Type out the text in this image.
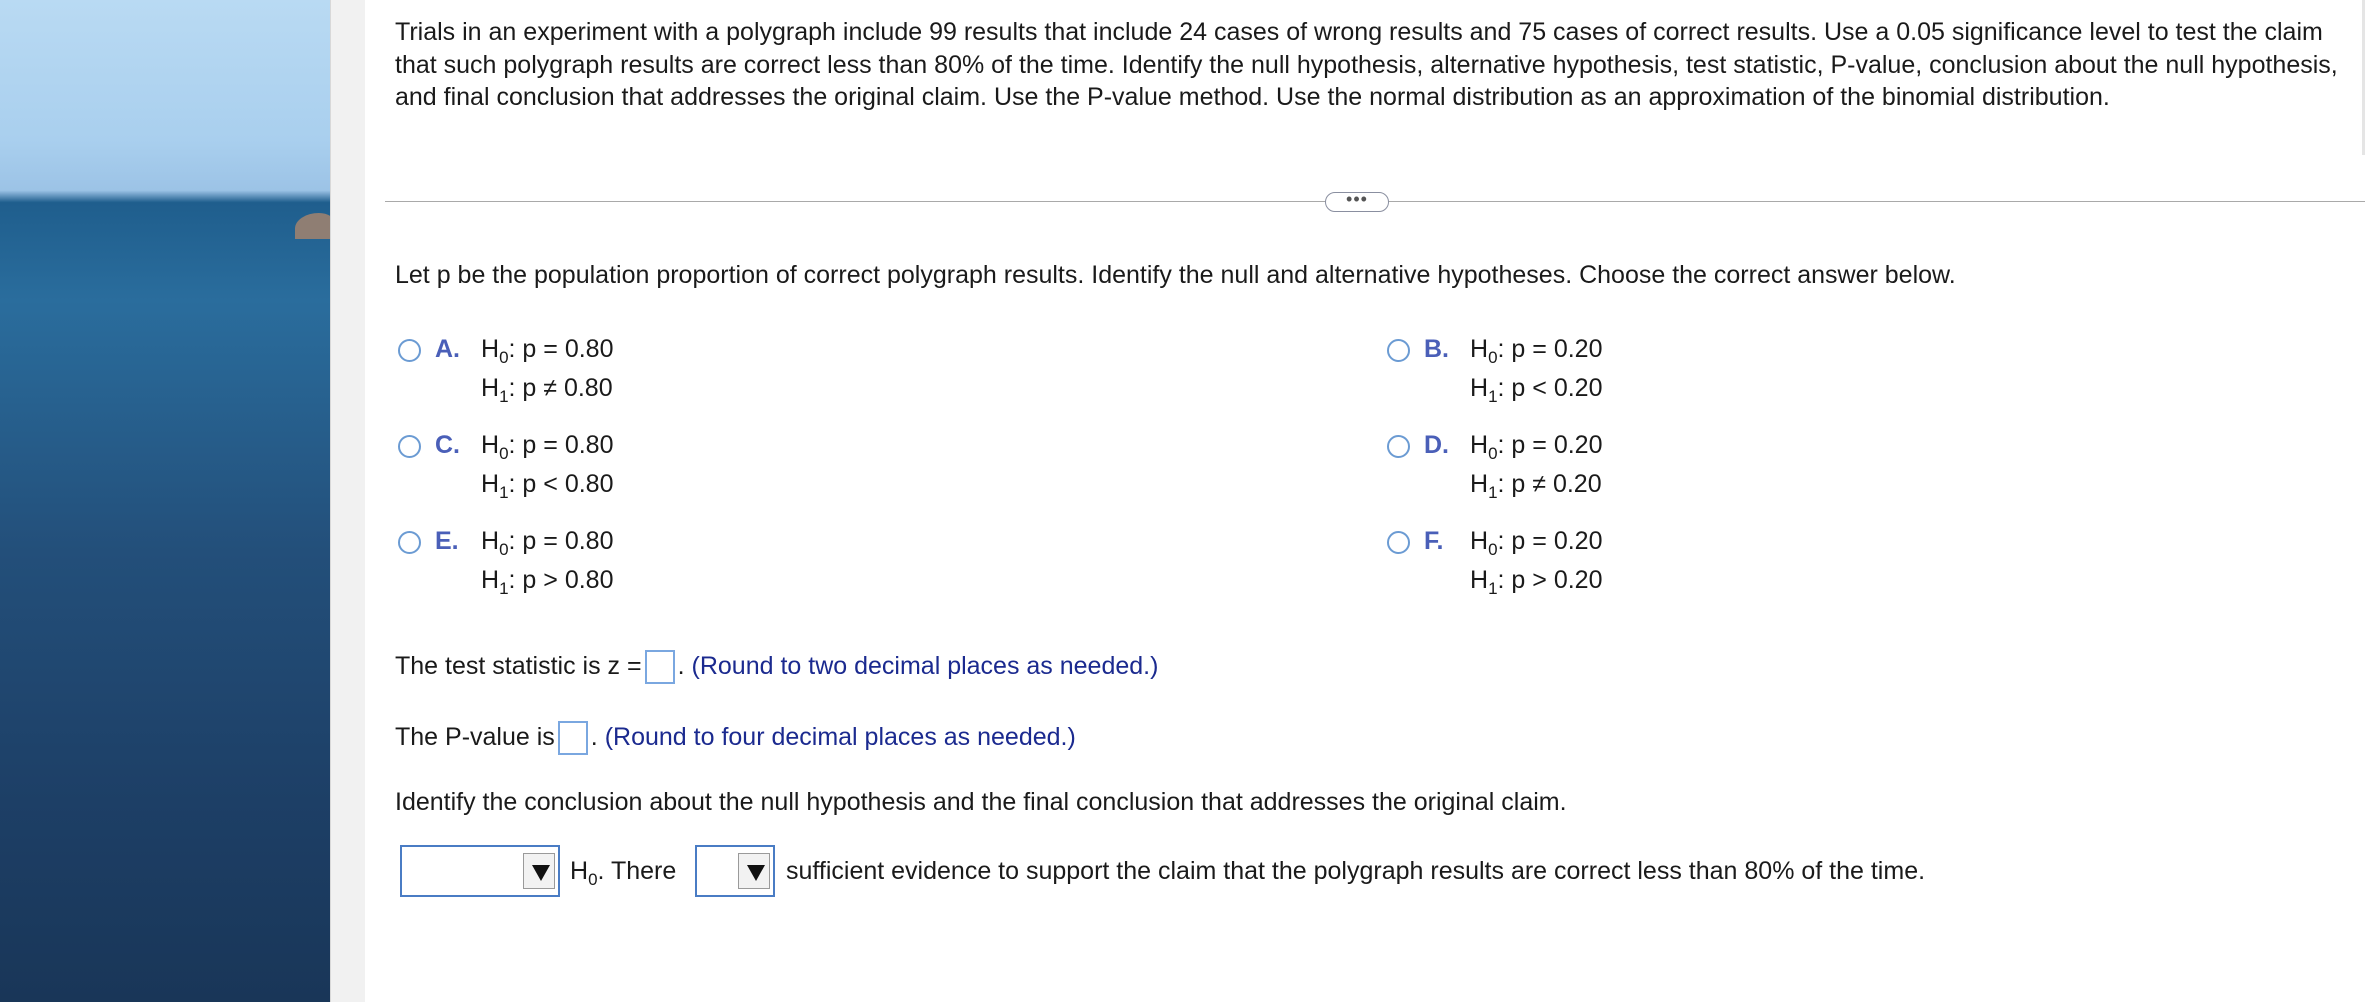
Trials in an experiment with a polygraph include 99 results that include 24 cases of wrong results and 75 cases of correct results. Use a 0.05 significance level to test the claim that such polygraph results are correct less than 80% of the time. Identify the null hypothesis, alternative hypothesis, test statistic, P-value, conclusion about the null hypothesis, and final conclusion that addresses the original claim. Use the P-value method. Use the normal distribution as an approximation of the binomial distribution.
•••
Let p be the population proportion of correct polygraph results. Identify the null and alternative hypotheses. Choose the correct answer below.
A. $H_0$: p = 0.80
$H_1$: p ≠ 0.80
B. $H_0$: p = 0.20
$H_1$: p < 0.20
C. $H_0$: p = 0.80
$H_1$: p < 0.80
D. $H_0$: p = 0.20
$H_1$: p ≠ 0.20
E. $H_0$: p = 0.80
$H_1$: p > 0.80
F. $H_0$: p = 0.20
$H_1$: p > 0.20
The test statistic is z = . (Round to two decimal places as needed.)
The P-value is . (Round to four decimal places as needed.)
Identify the conclusion about the null hypothesis and the final conclusion that addresses the original claim.
$H_0$. There	sufficient evidence to support the claim that the polygraph results are correct less than 80% of the time.
